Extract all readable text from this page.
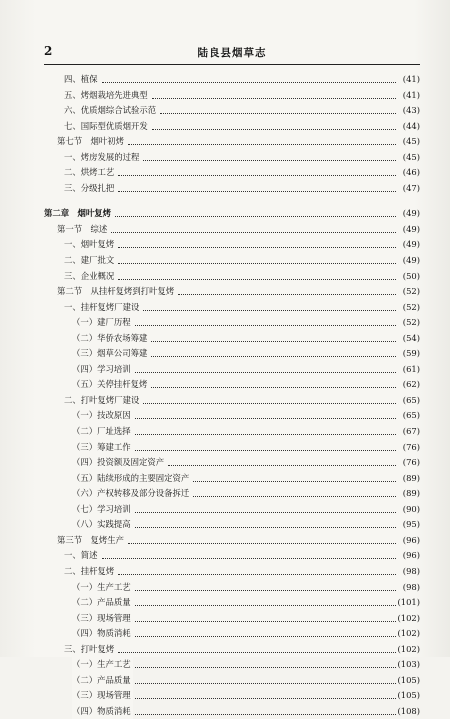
2	陆良县烟草志
四、植保	(41)
五、烤烟栽培先进典型	(41)
六、优质烟综合试验示范	(43)
七、国际型优质烟开发	(44)
第七节　烟叶初烤	(45)
一、烤房发展的过程	(45)
二、烘烤工艺	(46)
三、分级扎把	(47)
第二章　烟叶复烤	(49)
第一节　综述	(49)
一、烟叶复烤	(49)
二、建厂批文	(49)
三、企业概况	(50)
第二节　从挂杆复烤到打叶复烤	(52)
一、挂杆复烤厂建设	(52)
（一）建厂历程	(52)
（二）华侨农场筹建	(54)
（三）烟草公司筹建	(59)
（四）学习培训	(61)
（五）关停挂杆复烤	(62)
二、打叶复烤厂建设	(65)
（一）技改原因	(65)
（二）厂址选择	(67)
（三）筹建工作	(76)
（四）投资额及固定资产	(76)
（五）陆续形成的主要固定资产	(89)
（六）产权转移及部分设备拆迁	(89)
（七）学习培训	(90)
（八）实践提高	(95)
第三节　复烤生产	(96)
一、简述	(96)
二、挂杆复烤	(98)
（一）生产工艺	(98)
（二）产品质量	(101)
（三）现场管理	(102)
（四）物质消耗	(102)
三、打叶复烤	(102)
（一）生产工艺	(103)
（二）产品质量	(105)
（三）现场管理	(105)
（四）物质消耗	(108)
